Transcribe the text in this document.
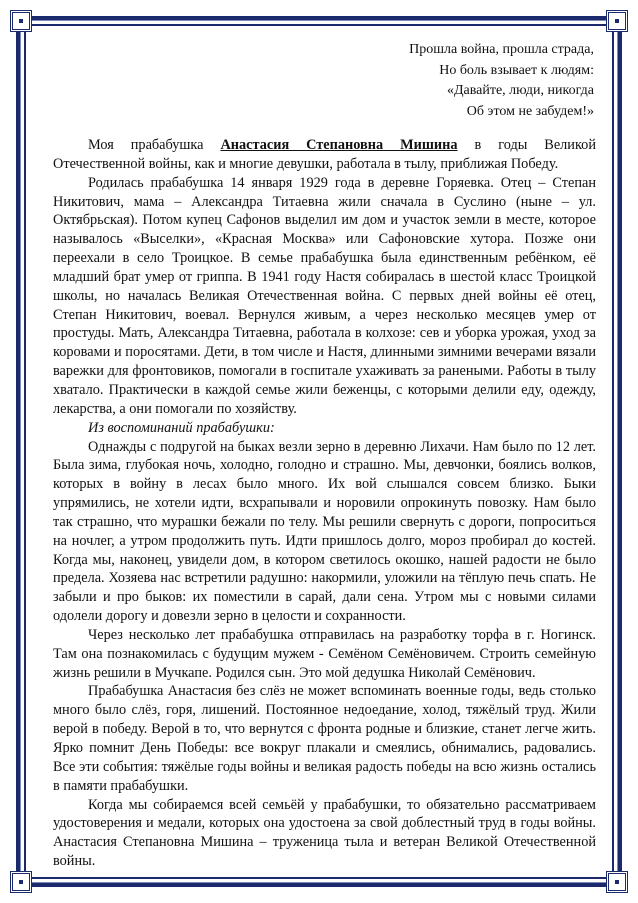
Прошла война, прошла страда,
Но боль взывает к людям:
«Давайте, люди, никогда
Об этом не забудем!»

Моя прабабушка Анастасия Степановна Мишина в годы Великой Отечественной войны, как и многие девушки, работала в тылу, приближая Победу.

Родилась прабабушка 14 января 1929 года в деревне Горяевка. Отец – Степан Никитович, мама – Александра Титаевна жили сначала в Суслино (ныне – ул. Октябрьская). Потом купец Сафонов выделил им дом и участок земли в месте, которое называлось «Выселки», «Красная Москва» или Сафоновские хутора. Позже они переехали в село Троицкое. В семье прабабушка была единственным ребёнком, её младший брат умер от гриппа. В 1941 году Настя собиралась в шестой класс Троицкой школы, но началась Великая Отечественная война. С первых дней войны её отец, Степан Никитович, воевал. Вернулся живым, а через несколько месяцев умер от простуды. Мать, Александра Титаевна, работала в колхозе: сев и уборка урожая, уход за коровами и поросятами. Дети, в том числе и Настя, длинными зимними вечерами вязали варежки для фронтовиков, помогали в госпитале ухаживать за ранеными. Работы в тылу хватало. Практически в каждой семье жили беженцы, с которыми делили еду, одежду, лекарства, а они помогали по хозяйству.

Из воспоминаний прабабушки:

Однажды с подругой на быках везли зерно в деревню Лихачи. Нам было по 12 лет. Была зима, глубокая ночь, холодно, голодно и страшно. Мы, девчонки, боялись волков, которых в войну в лесах было много. Их вой слышался совсем близко. Быки упрямились, не хотели идти, всхрапывали и норовили опрокинуть повозку. Нам было так страшно, что мурашки бежали по телу. Мы решили свернуть с дороги, попроситься на ночлег, а утром продолжить путь. Идти пришлось долго, мороз пробирал до костей. Когда мы, наконец, увидели дом, в котором светилось окошко, нашей радости не было предела. Хозяева нас встретили радушно: накормили, уложили на тёплую печь спать. Не забыли и про быков: их поместили в сарай, дали сена. Утром мы с новыми силами одолели дорогу и довезли зерно в целости и сохранности.

Через несколько лет прабабушка отправилась на разработку торфа в г. Ногинск. Там она познакомилась с будущим мужем - Семёном Семёновичем. Строить семейную жизнь решили в Мучкапе. Родился сын. Это мой дедушка Николай Семёнович.

Прабабушка Анастасия без слёз не может вспоминать военные годы, ведь столько много было слёз, горя, лишений. Постоянное недоедание, холод, тяжёлый труд. Жили верой в победу. Верой в то, что вернутся с фронта родные и близкие, станет легче жить. Ярко помнит День Победы: все вокруг плакали и смеялись, обнимались, радовались. Все эти события: тяжёлые годы войны и великая радость победы на всю жизнь остались в памяти прабабушки.

Когда мы собираемся всей семьёй у прабабушки, то обязательно рассматриваем удостоверения и медали, которых она удостоена за свой доблестный труд в годы войны. Анастасия Степановна Мишина – труженица тыла и ветеран Великой Отечественной войны.
